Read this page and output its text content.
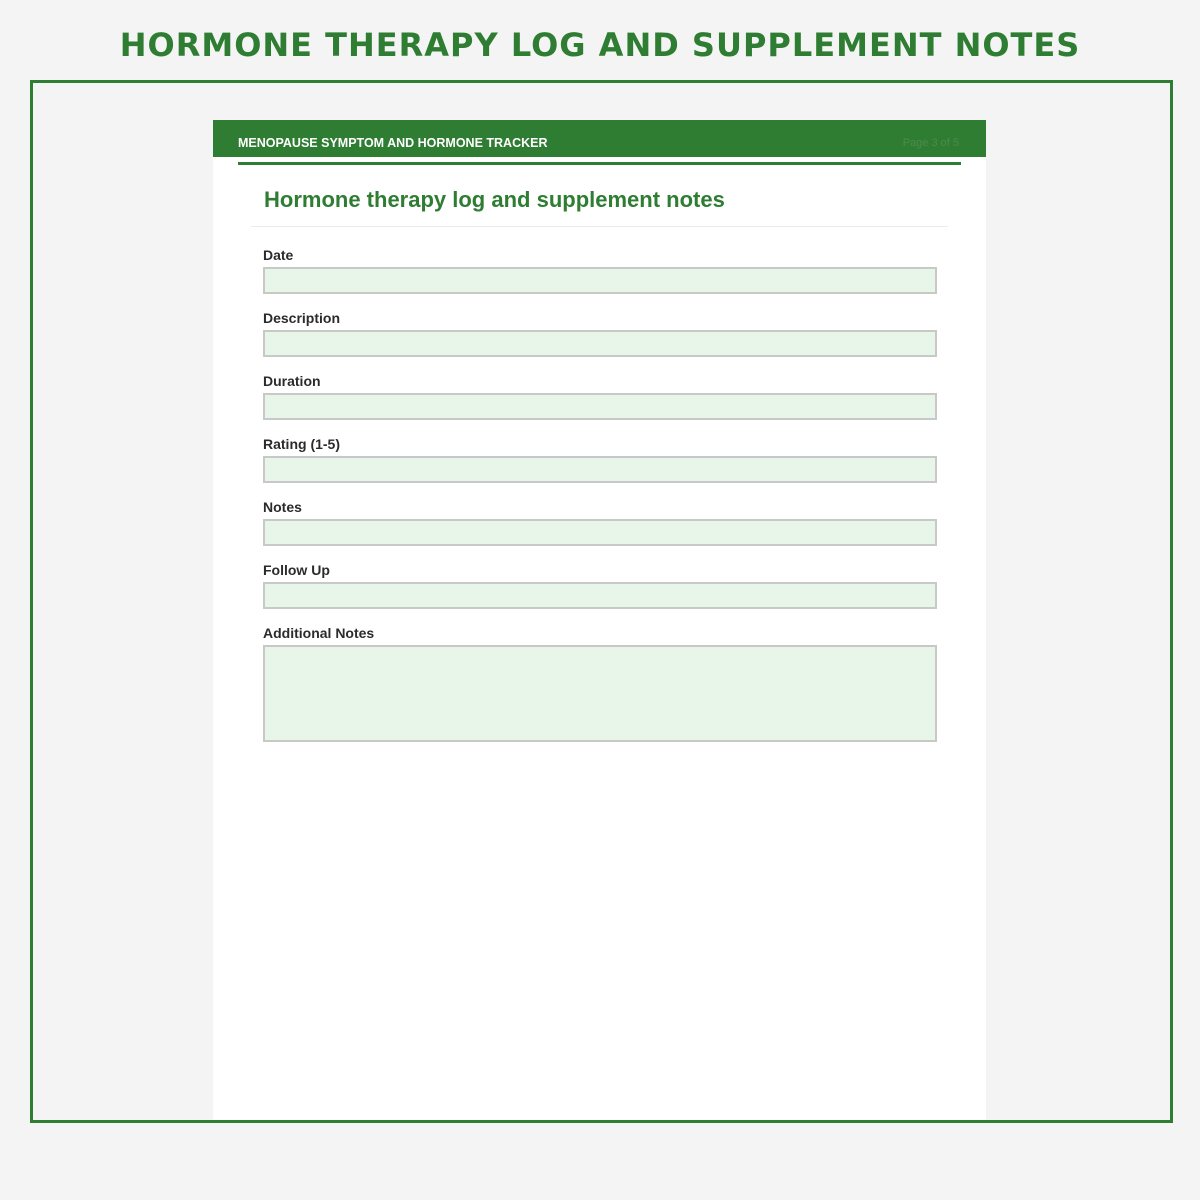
HORMONE THERAPY LOG AND SUPPLEMENT NOTES
MENOPAUSE SYMPTOM AND HORMONE TRACKER	Page 3 of 5
Hormone therapy log and supplement notes
Date
Description
Duration
Rating (1-5)
Notes
Follow Up
Additional Notes
